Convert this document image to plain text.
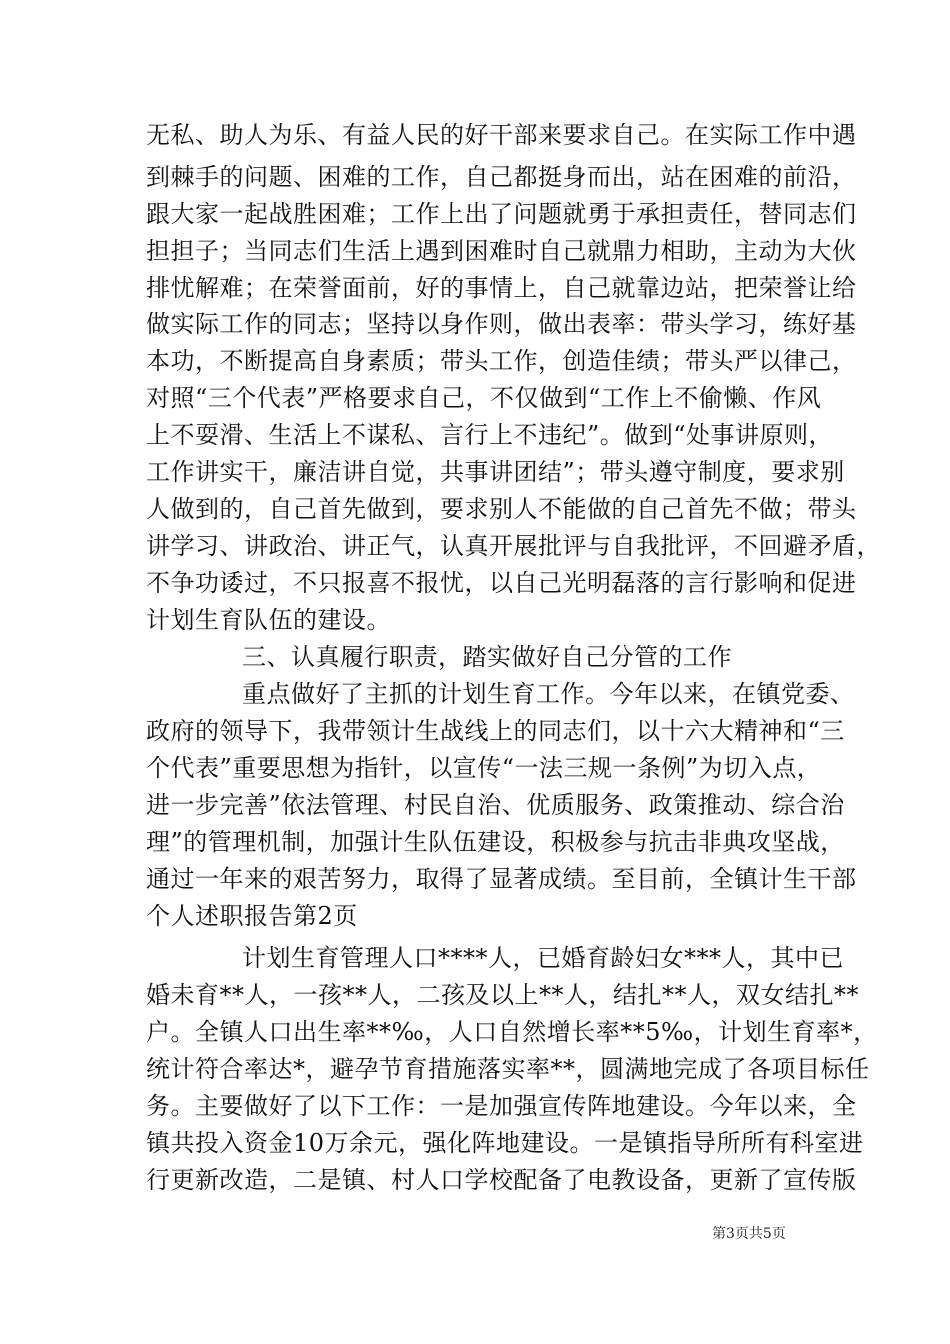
无私、助人为乐、有益人民的好干部来要求自己。在实际工作中遇
到棘手的问题、困难的工作，自己都挺身而出，站在困难的前沿，
跟大家一起战胜困难；工作上出了问题就勇于承担责任，替同志们
担担子；当同志们生活上遇到困难时自己就鼎力相助，主动为大伙
排忧解难；在荣誉面前，好的事情上，自己就靠边站，把荣誉让给
做实际工作的同志；坚持以身作则，做出表率：带头学习，练好基
本功，不断提高自身素质；带头工作，创造佳绩；带头严以律己，
对照“三个代表”严格要求自己，不仅做到“工作上不偷懒、作风
上不耍滑、生活上不谋私、言行上不违纪”。做到“处事讲原则，
工作讲实干，廉洁讲自觉，共事讲团结”；带头遵守制度，要求别
人做到的，自己首先做到，要求别人不能做的自己首先不做；带头
讲学习、讲政治、讲正气，认真开展批评与自我批评，不回避矛盾，
不争功诿过，不只报喜不报忧，以自己光明磊落的言行影响和促进
计划生育队伍的建设。
三、认真履行职责，踏实做好自己分管的工作
重点做好了主抓的计划生育工作。今年以来，在镇党委、
政府的领导下，我带领计生战线上的同志们，以十六大精神和“三
个代表”重要思想为指针，以宣传“一法三规一条例”为切入点，
进一步完善”依法管理、村民自治、优质服务、政策推动、综合治
理”的管理机制，加强计生队伍建设，积极参与抗击非典攻坚战，
通过一年来的艰苦努力，取得了显著成绩。至目前，全镇计生干部
个人述职报告第2页
计划生育管理人口****人，已婚育龄妇女***人，其中已
婚未育**人，一孩**人，二孩及以上**人，结扎**人，双女结扎**
户。全镇人口出生率**‰，人口自然增长率**5‰，计划生育率*，
统计符合率达*，避孕节育措施落实率**，圆满地完成了各项目标任
务。主要做好了以下工作：一是加强宣传阵地建设。今年以来，全
镇共投入资金10万余元，强化阵地建设。一是镇指导所所有科室进
行更新改造，二是镇、村人口学校配备了电教设备，更新了宣传版
第3页共5页
